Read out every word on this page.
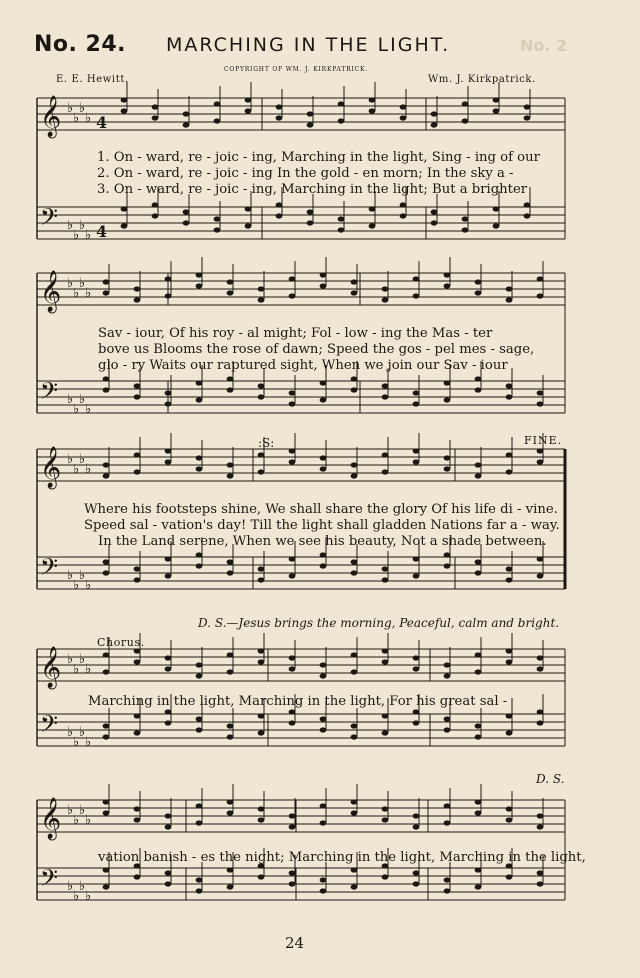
No. 2
No. 24. MARCHING IN THE LIGHT.
COPYRIGHT OF WM. J. KIRKPATRICK.
E. E. Hewitt.	Wm. J. Kirkpatrick.
𝄞
𝄢
♭
♭
♭
♭
♭
♭
♭
♭
4
4
𝄞
𝄢
♭
♭
♭
♭
♭
♭
♭
♭
𝄞
𝄢
♭
♭
♭
♭
♭
♭
♭
♭
𝄞
𝄢
♭
♭
♭
♭
♭
♭
♭
♭
𝄞
𝄢
♭
♭
♭
♭
♭
♭
♭
♭
1. On - ward, re - joic - ing, Marching in the light, Sing - ing of our
2. On - ward, re - joic - ing In the gold - en morn; In the sky a -
3. On - ward, re - joic - ing, Marching in the light; But a brighter
Sav - iour, Of his roy - al might; Fol - low - ing the Mas - ter
bove us Blooms the rose of dawn; Speed the gos - pel mes - sage,
glo - ry Waits our raptured sight, When we join our Sav - iour
Where his footsteps shine, We shall share the glory Of his life di - vine.
Speed sal - vation's day! Till the light shall gladden Nations far a - way.
In the Land serene, When we see his beauty, Not a shade between.
:S:	FINE.
D. S.—Jesus brings the morning, Peaceful, calm and bright.
Chorus.
Marching in the light, Marching in the light, For his great sal -
D. S.
vation banish - es the night; Marching in the light, Marching in the light,
24
